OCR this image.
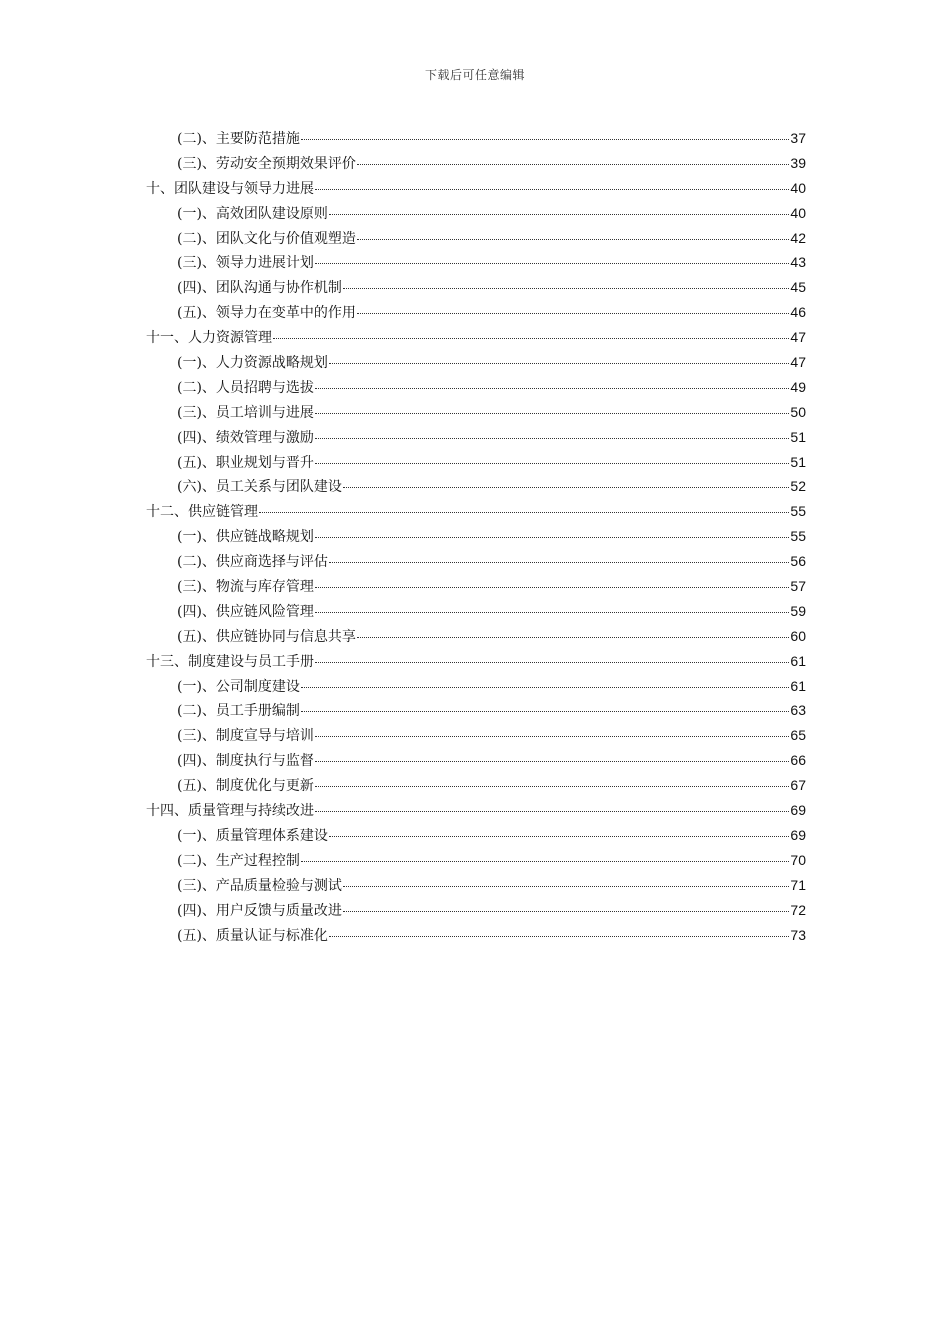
下载后可任意编辑
(二)、主要防范措施	37
(三)、劳动安全预期效果评价	39
十、团队建设与领导力进展	40
(一)、高效团队建设原则	40
(二)、团队文化与价值观塑造	42
(三)、领导力进展计划	43
(四)、团队沟通与协作机制	45
(五)、领导力在变革中的作用	46
十一、人力资源管理	47
(一)、人力资源战略规划	47
(二)、人员招聘与选拔	49
(三)、员工培训与进展	50
(四)、绩效管理与激励	51
(五)、职业规划与晋升	51
(六)、员工关系与团队建设	52
十二、供应链管理	55
(一)、供应链战略规划	55
(二)、供应商选择与评估	56
(三)、物流与库存管理	57
(四)、供应链风险管理	59
(五)、供应链协同与信息共享	60
十三、制度建设与员工手册	61
(一)、公司制度建设	61
(二)、员工手册编制	63
(三)、制度宣导与培训	65
(四)、制度执行与监督	66
(五)、制度优化与更新	67
十四、质量管理与持续改进	69
(一)、质量管理体系建设	69
(二)、生产过程控制	70
(三)、产品质量检验与测试	71
(四)、用户反馈与质量改进	72
(五)、质量认证与标准化	73
